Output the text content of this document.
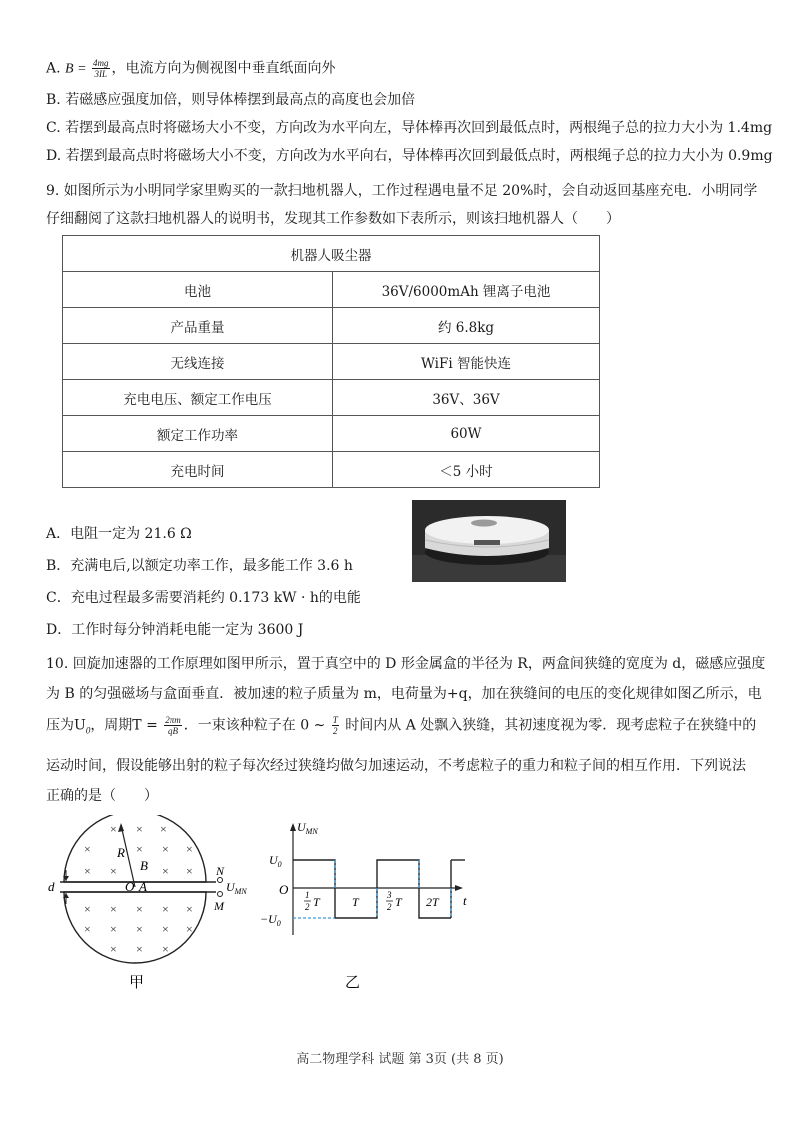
A. $B = \frac{4mg}{3IL}$ ，电流方向为侧视图中垂直纸面向外
B. 若磁感应强度加倍，则导体棒摆到最高点的高度也会加倍
C. 若摆到最高点时将磁场大小不变，方向改为水平向左，导体棒再次回到最低点时，两根绳子总的拉力大小为 1.4mg
D. 若摆到最高点时将磁场大小不变，方向改为水平向右，导体棒再次回到最低点时，两根绳子总的拉力大小为 0.9mg
9. 如图所示为小明同学家里购买的一款扫地机器人，工作过程遇电量不足 20%时，会自动返回基座充电．小明同学
仔细翻阅了这款扫地机器人的说明书，发现其工作参数如下表所示，则该扫地机器人（　　）
机器人吸尘器	
电池	36V/6000mAh 锂离子电池
产品重量	约 6.8kg
无线连接	WiFi 智能快连
充电电压、额定工作电压	36V、36V
额定工作功率	60W
充电时间	＜5 小时
A．电阻一定为 21.6 Ω
B．充满电后,以额定功率工作，最多能工作 3.6 h
C．充电过程最多需要消耗约 0.173 kW · h的电能
D．工作时每分钟消耗电能一定为 3600 J
10. 回旋加速器的工作原理如图甲所示，置于真空中的 D 形金属盒的半径为 R，两盒间狭缝的宽度为 d，磁感应强度
为 B 的匀强磁场与盒面垂直．被加速的粒子质量为 m，电荷量为+q，加在狭缝间的电压的变化规律如图乙所示，电
压为$U_0$，周期$T = \frac{2\pi m}{qB}$ ．一束该种粒子在 0 ∼ $\frac{T}{2}$ 时间内从 A 处飘入狭缝，其初速度视为零．现考虑粒子在狭缝中的
运动时间，假设能够出射的粒子每次经过狭缝均做匀加速运动，不考虑粒子的重力和粒子间的相互作用．下列说法
正确的是（　　）
d
N
M
$U_{MN}$
R
B
O A
× × ×
×	× × ×
× ×	× ×
× × × × ×
× × × × ×
× × ×
甲
$U_{MN}$
t
O
$U_0$
$-U_0$
1
2 T	T	3
2 T 2T
乙
高二物理学科 试题 第 3页 (共 8 页)
